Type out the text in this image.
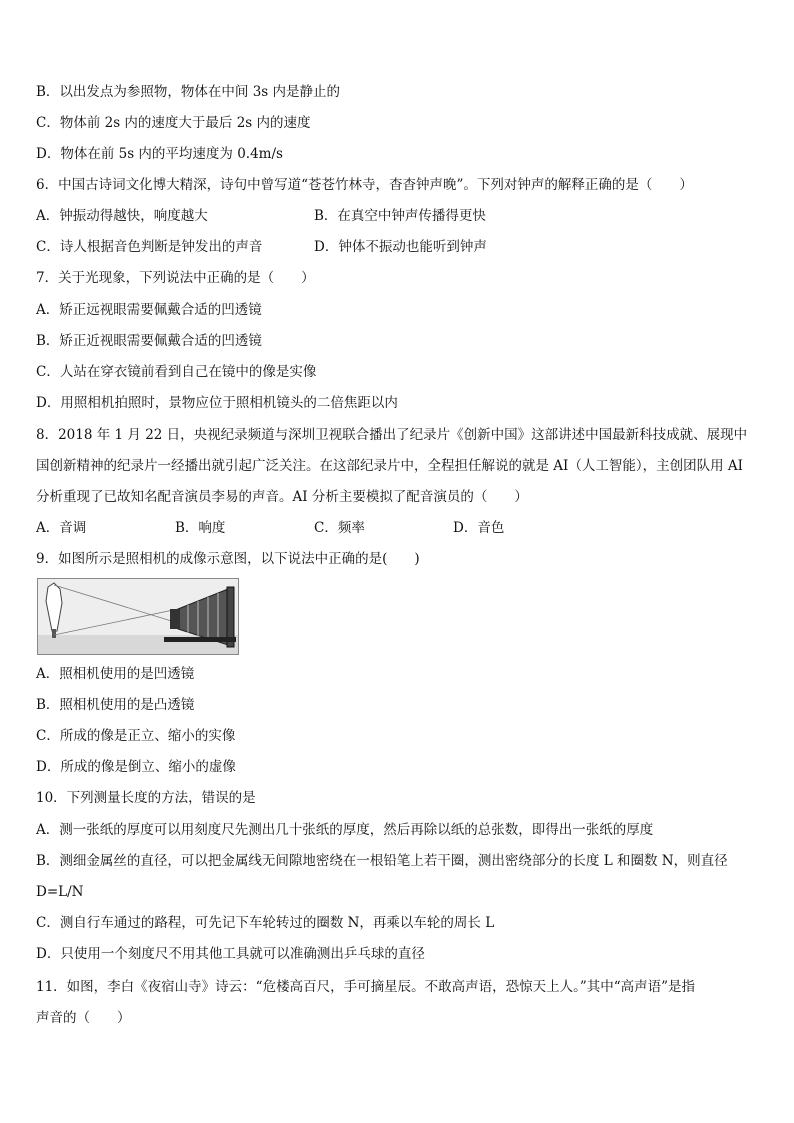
B．以出发点为参照物，物体在中间 3s 内是静止的
C．物体前 2s 内的速度大于最后 2s 内的速度
D．物体在前 5s 内的平均速度为 0.4m/s
6．中国古诗词文化博大精深，诗句中曾写道“苍苍竹林寺，杳杳钟声晚”。下列对钟声的解释正确的是（　　）
A．钟振动得越快，响度越大	B．在真空中钟声传播得更快
C．诗人根据音色判断是钟发出的声音	D．钟体不振动也能听到钟声
7．关于光现象，下列说法中正确的是（　　）
A．矫正远视眼需要佩戴合适的凹透镜
B．矫正近视眼需要佩戴合适的凹透镜
C．人站在穿衣镜前看到自己在镜中的像是实像
D．用照相机拍照时，景物应位于照相机镜头的二倍焦距以内
8．2018 年 1 月 22 日，央视纪录频道与深圳卫视联合播出了纪录片《创新中国》这部讲述中国最新科技成就、展现中
国创新精神的纪录片一经播出就引起广泛关注。在这部纪录片中，全程担任解说的就是 AI（人工智能），主创团队用 AI
分析重现了已故知名配音演员李易的声音。AI 分析主要模拟了配音演员的（　　）
A．音调	B．响度	C．频率	D．音色
9．如图所示是照相机的成像示意图，以下说法中正确的是(　　)
A．照相机使用的是凹透镜
B．照相机使用的是凸透镜
C．所成的像是正立、缩小的实像
D．所成的像是倒立、缩小的虚像
10．下列测量长度的方法，错误的是
A．测一张纸的厚度可以用刻度尺先测出几十张纸的厚度，然后再除以纸的总张数，即得出一张纸的厚度
B．测细金属丝的直径，可以把金属线无间隙地密绕在一根铅笔上若干圈，测出密绕部分的长度 L 和圈数 N，则直径
D=L/N
C．测自行车通过的路程，可先记下车轮转过的圈数 N，再乘以车轮的周长 L
D．只使用一个刻度尺不用其他工具就可以准确测出乒乓球的直径
11．如图，李白《夜宿山寺》诗云：“危楼高百尺，手可摘星辰。不敢高声语，恐惊天上人。”其中“高声语”是指
声音的（　　）
